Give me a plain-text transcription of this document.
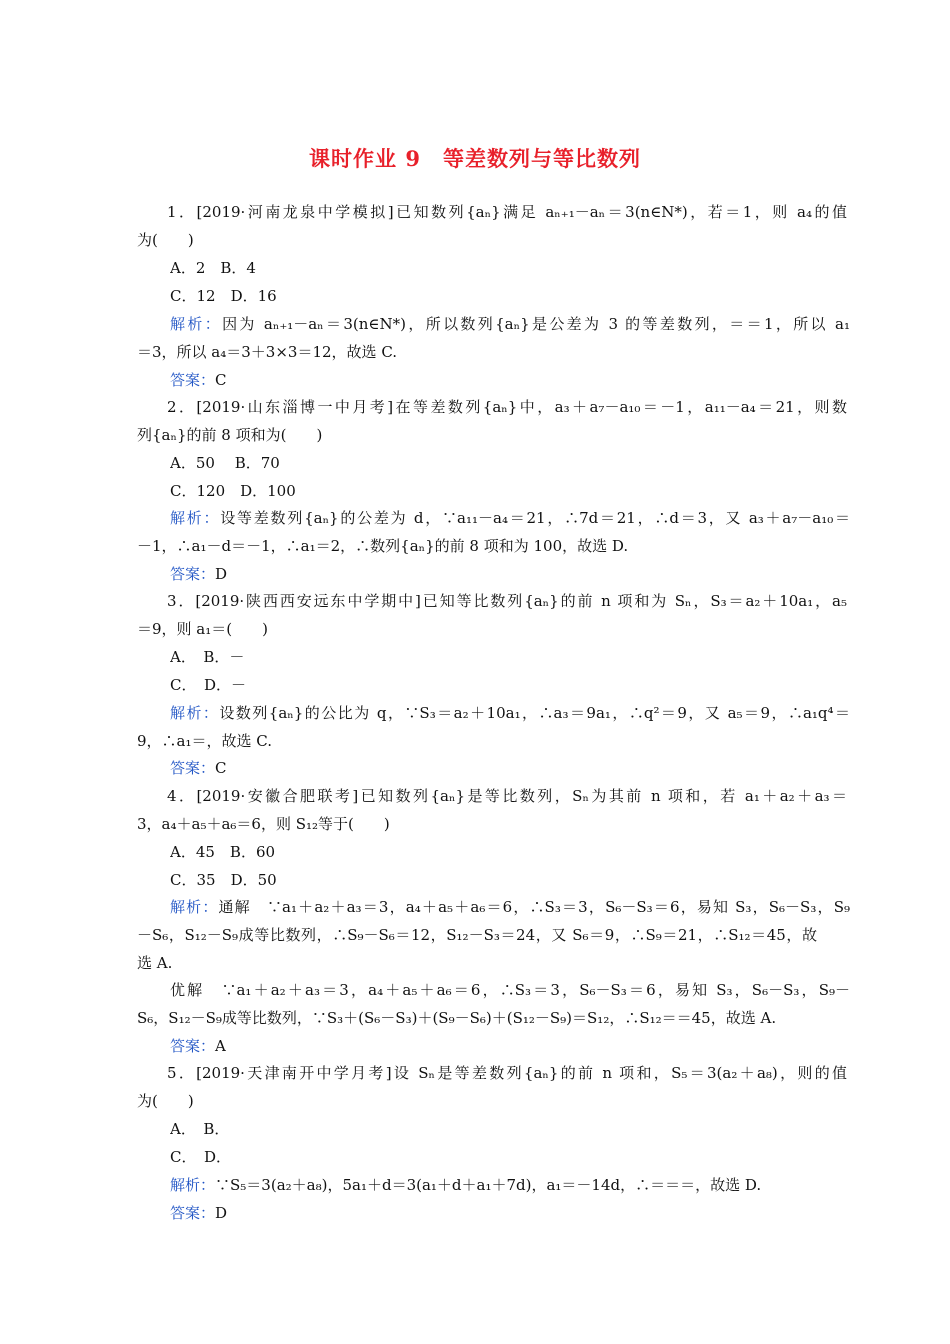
课时作业 9　等差数列与等比数列
1．[2019·河南龙泉中学模拟]已知数列{aₙ}满足 aₙ₊₁－aₙ＝3(n∈N*)，若＝1，则 a₄的值
为(　　)
A．2　B．4
C．12　D．16
解析：因为 aₙ₊₁－aₙ＝3(n∈N*)，所以数列{aₙ}是公差为 3 的等差数列，＝＝1，所以 a₁
＝3，所以 a₄＝3＋3×3＝12，故选 C.
答案：C
2．[2019·山东淄博一中月考]在等差数列{aₙ}中，a₃＋a₇－a₁₀＝－1，a₁₁－a₄＝21，则数
列{aₙ}的前 8 项和为(　　)
A．50　 B．70
C．120　D．100
解析：设等差数列{aₙ}的公差为 d，∵a₁₁－a₄＝21，∴7d＝21，∴d＝3，又 a₃＋a₇－a₁₀＝
－1，∴a₁－d＝－1，∴a₁＝2，∴数列{aₙ}的前 8 项和为 100，故选 D.
答案：D
3．[2019·陕西西安远东中学期中]已知等比数列{aₙ}的前 n 项和为 Sₙ，S₃＝a₂＋10a₁，a₅
＝9，则 a₁＝(　　)
A．　B．－
C．　D．－
解析：设数列{aₙ}的公比为 q，∵S₃＝a₂＋10a₁，∴a₃＝9a₁，∴q²＝9，又 a₅＝9，∴a₁q⁴＝
9，∴a₁＝，故选 C.
答案：C
4．[2019·安徽合肥联考]已知数列{aₙ}是等比数列，Sₙ为其前 n 项和，若 a₁＋a₂＋a₃＝
3，a₄＋a₅＋a₆＝6，则 S₁₂等于(　　)
A．45　B．60
C．35　D．50
解析：通解　∵a₁＋a₂＋a₃＝3，a₄＋a₅＋a₆＝6，∴S₃＝3，S₆－S₃＝6，易知 S₃，S₆－S₃，S₉
－S₆，S₁₂－S₉成等比数列，∴S₉－S₆＝12，S₁₂－S₃＝24，又 S₆＝9，∴S₉＝21，∴S₁₂＝45，故
选 A.
优解　∵a₁＋a₂＋a₃＝3，a₄＋a₅＋a₆＝6，∴S₃＝3，S₆－S₃＝6，易知 S₃，S₆－S₃，S₉－
S₆，S₁₂－S₉成等比数列，∵S₃＋(S₆－S₃)＋(S₉－S₆)＋(S₁₂－S₉)＝S₁₂，∴S₁₂＝＝45，故选 A.
答案：A
5．[2019·天津南开中学月考]设 Sₙ是等差数列{aₙ}的前 n 项和，S₅＝3(a₂＋a₈)，则的值
为(　　)
A．　B．
C．　D．
解析：∵S₅＝3(a₂＋a₈)，5a₁＋d＝3(a₁＋d＋a₁＋7d)，a₁＝－14d，∴＝＝＝，故选 D.
答案：D
